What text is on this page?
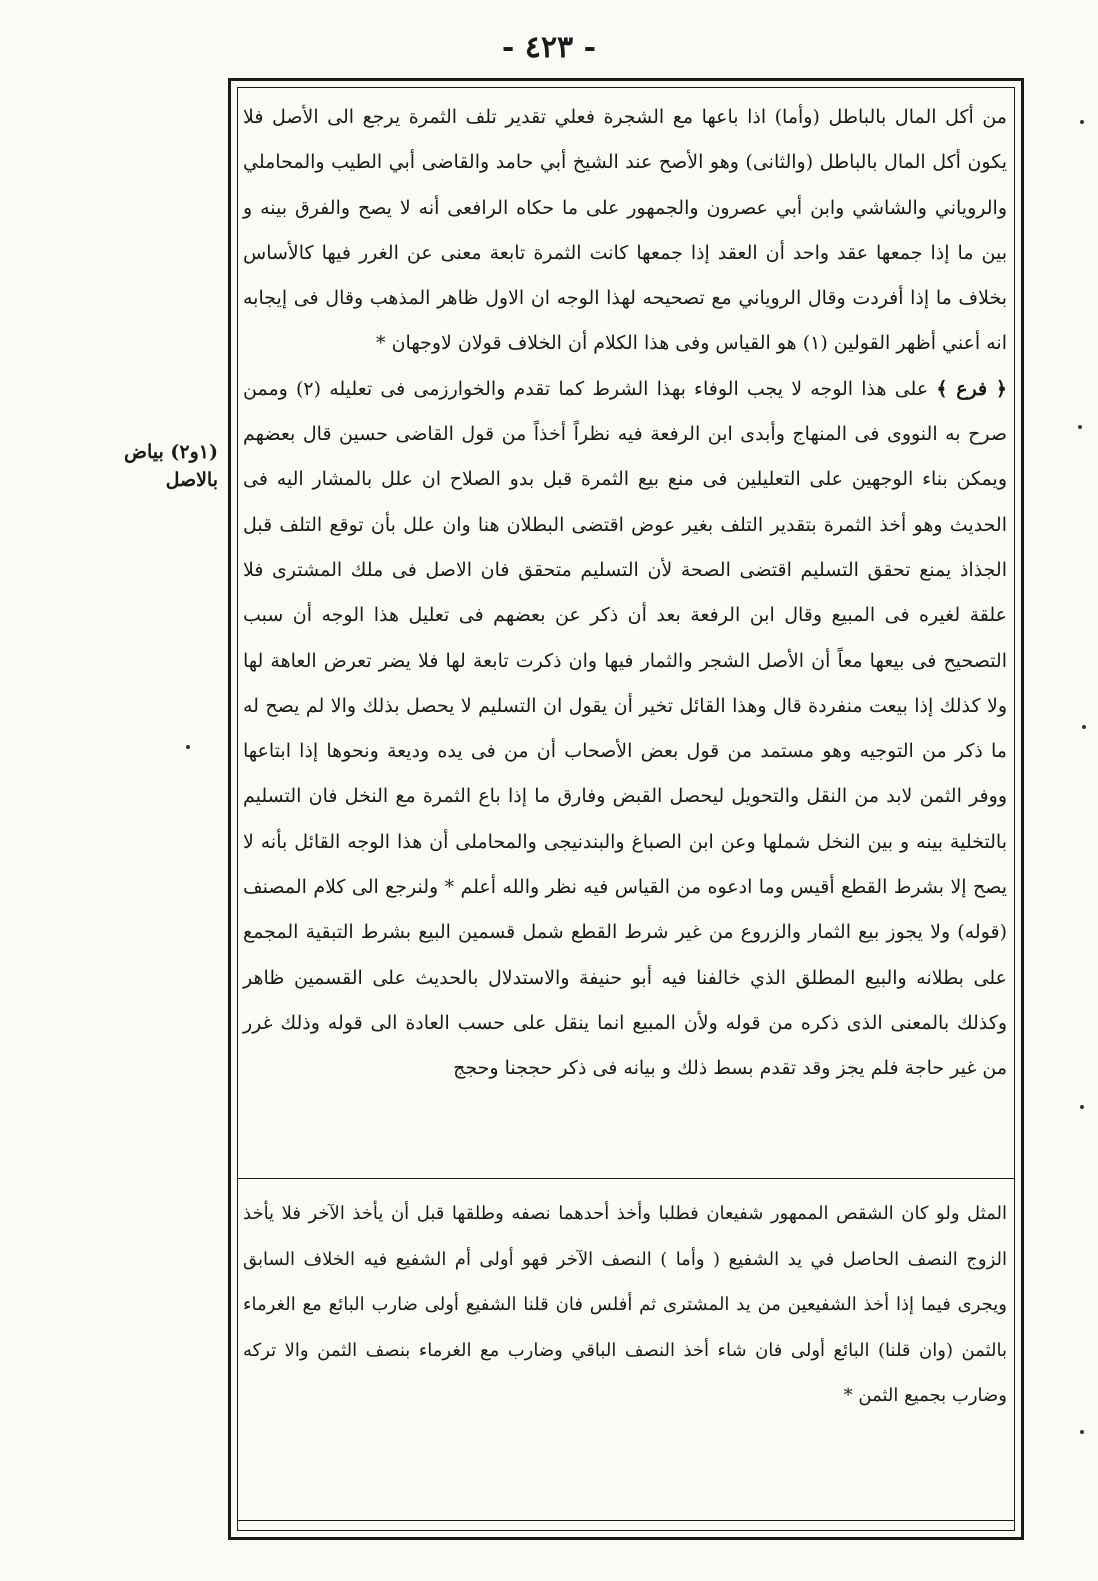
- ٤٢٣ -
(١و٢) بياض
بالاصل

من أكل المال بالباطل (وأما) اذا باعها مع الشجرة فعلي تقدير تلف الثمرة يرجع الى الأصل فلا يكون أكل المال بالباطل (والثانى) وهو الأصح عند الشيخ أبي حامد والقاضى أبي الطيب والمحاملي والروياني والشاشي وابن أبي عصرون والجمهور على ما حكاه الرافعى أنه لا يصح والفرق بينه و بين ما إذا جمعها عقد واحد أن العقد إذا جمعها كانت الثمرة تابعة معنى عن الغرر فيها كالأساس بخلاف ما إذا أفردت وقال الروياني مع تصحيحه لهذا الوجه ان الاول ظاهر المذهب وقال فى إيجابه انه أعني أظهر القولين (١) هو القياس وفى هذا الكلام أن الخلاف قولان لاوجهان *

﴿ فرع ﴾ على هذا الوجه لا يجب الوفاء بهذا الشرط كما تقدم والخوارزمى فى تعليله (٢) وممن صرح به النووى فى المنهاج وأبدى ابن الرفعة فيه نظراً أخذاً من قول القاضى حسين قال بعضهم ويمكن بناء الوجهين على التعليلين فى منع بيع الثمرة قبل بدو الصلاح ان علل بالمشار اليه فى الحديث وهو أخذ الثمرة بتقدير التلف بغير عوض اقتضى البطلان هنا وان علل بأن توقع التلف قبل الجذاذ يمنع تحقق التسليم اقتضى الصحة لأن التسليم متحقق فان الاصل فى ملك المشترى فلا علقة لغيره فى المبيع وقال ابن الرفعة بعد أن ذكر عن بعضهم فى تعليل هذا الوجه أن سبب التصحيح فى بيعها معاً أن الأصل الشجر والثمار فيها وان ذكرت تابعة لها فلا يضر تعرض العاهة لها ولا كذلك إذا بيعت منفردة قال وهذا القائل تخير أن يقول ان التسليم لا يحصل بذلك والا لم يصح له ما ذكر من التوجيه وهو مستمد من قول بعض الأصحاب أن من فى يده وديعة ونحوها إذا ابتاعها ووفر الثمن لابد من النقل والتحويل ليحصل القبض وفارق ما إذا باع الثمرة مع النخل فان التسليم بالتخلية بينه و بين النخل شملها وعن ابن الصباغ والبندنيجى والمحاملى أن هذا الوجه القائل بأنه لا يصح إلا بشرط القطع أقيس وما ادعوه من القياس فيه نظر والله أعلم * ولنرجع الى كلام المصنف (قوله) ولا يجوز بيع الثمار والزروع من غير شرط القطع شمل قسمين البيع بشرط التبقية المجمع على بطلانه والبيع المطلق الذي خالفنا فيه أبو حنيفة والاستدلال بالحديث على القسمين ظاهر وكذلك بالمعنى الذى ذكره من قوله ولأن المبيع انما ينقل على حسب العادة الى قوله وذلك غرر من غير حاجة فلم يجز وقد تقدم بسط ذلك و بيانه فى ذكر حججنا وحجج

المثل ولو كان الشقص الممهور شفيعان فطلبا وأخذ أحدهما نصفه وطلقها قبل أن يأخذ الآخر فلا يأخذ الزوج النصف الحاصل في يد الشفيع ( وأما ) النصف الآخر فهو أولى أم الشفيع فيه الخلاف السابق ويجرى فيما إذا أخذ الشفيعين من يد المشترى ثم أفلس فان قلنا الشفيع أولى ضارب البائع مع الغرماء بالثمن (وان قلنا) البائع أولى فان شاء أخذ النصف الباقي وضارب مع الغرماء بنصف الثمن والا تركه وضارب بجميع الثمن *
